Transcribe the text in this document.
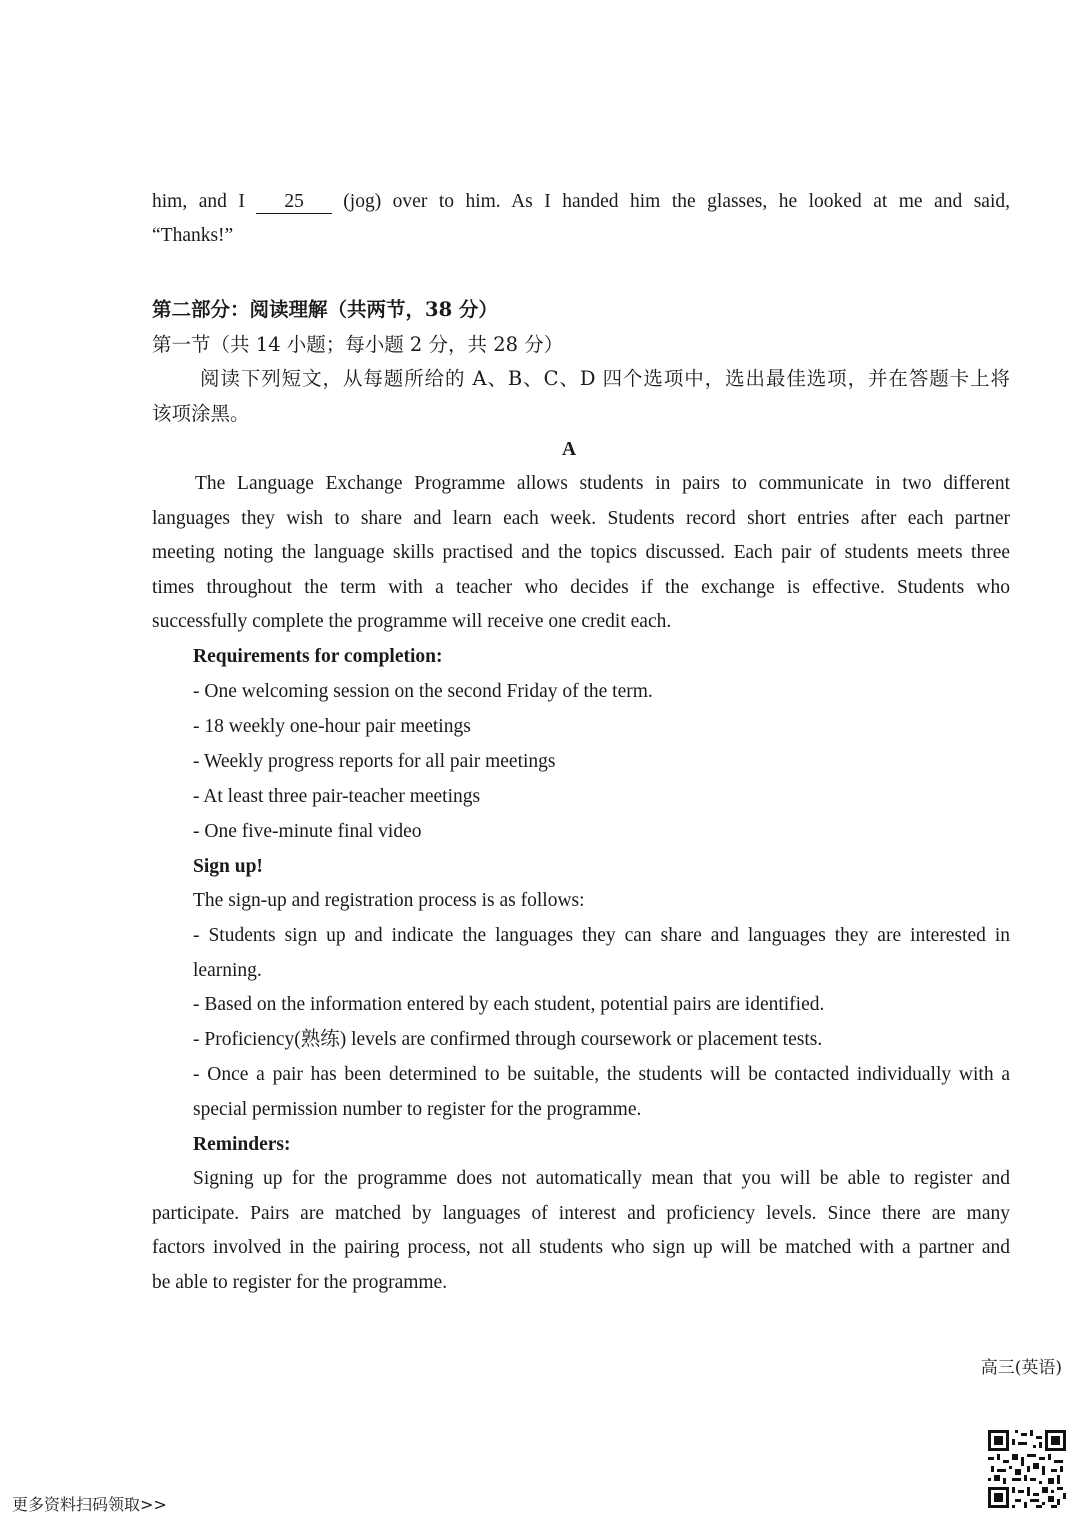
him, and I 25 (jog) over to him. As I handed him the glasses, he looked at me and said,
“Thanks!”
第二部分：阅读理解（共两节，38 分）
第一节（共 14 小题；每小题 2 分，共 28 分）
阅读下列短文，从每题所给的 A、B、C、D 四个选项中，选出最佳选项，并在答题卡上将
该项涂黑。
A
The Language Exchange Programme allows students in pairs to communicate in two different
languages they wish to share and learn each week. Students record short entries after each partner
meeting noting the language skills practised and the topics discussed. Each pair of students meets three
times throughout the term with a teacher who decides if the exchange is effective. Students who
successfully complete the programme will receive one credit each.
Requirements for completion:
- One welcoming session on the second Friday of the term.
- 18 weekly one-hour pair meetings
- Weekly progress reports for all pair meetings
- At least three pair-teacher meetings
- One five-minute final video
Sign up!
The sign-up and registration process is as follows:
- Students sign up and indicate the languages they can share and languages they are interested in
learning.
- Based on the information entered by each student, potential pairs are identified.
- Proficiency(熟练) levels are confirmed through coursework or placement tests.
- Once a pair has been determined to be suitable, the students will be contacted individually with a
special permission number to register for the programme.
Reminders:
Signing up for the programme does not automatically mean that you will be able to register and
participate. Pairs are matched by languages of interest and proficiency levels. Since there are many
factors involved in the pairing process, not all students who sign up will be matched with a partner and
be able to register for the programme.
高三(英语)
更多资料扫码领取>>
